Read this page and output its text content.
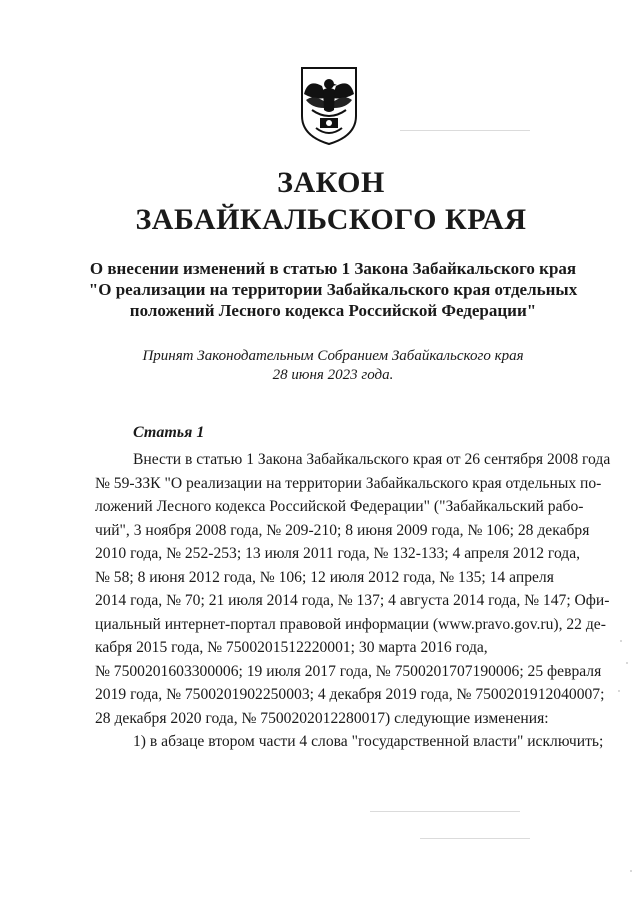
ЗАКОН
ЗАБАЙКАЛЬСКОГО КРАЯ
О внесении изменений в статью 1 Закона Забайкальского края
"О реализации на территории Забайкальского края отдельных
положений Лесного кодекса Российской Федерации"
Принят Законодательным Собранием Забайкальского края
28 июня 2023 года.
Статья 1
Внести в статью 1 Закона Забайкальского края от 26 сентября 2008 года
№ 59-ЗЗК "О реализации на территории Забайкальского края отдельных по-
ложений Лесного кодекса Российской Федерации" ("Забайкальский рабо-
чий", 3 ноября 2008 года, № 209-210; 8 июня 2009 года, № 106; 28 декабря
2010 года, № 252-253; 13 июля 2011 года, № 132-133; 4 апреля 2012 года,
№ 58; 8 июня 2012 года, № 106; 12 июля 2012 года, № 135; 14 апреля
2014 года, № 70; 21 июля 2014 года, № 137; 4 августа 2014 года, № 147; Офи-
циальный интернет-портал правовой информации (www.pravo.gov.ru), 22 де-
кабря 2015 года, № 7500201512220001; 30 марта 2016 года,
№ 7500201603300006; 19 июля 2017 года, № 7500201707190006; 25 февраля
2019 года, № 7500201902250003; 4 декабря 2019 года, № 7500201912040007;
28 декабря 2020 года, № 7500202012280017) следующие изменения:
1) в абзаце втором части 4 слова "государственной власти" исключить;
